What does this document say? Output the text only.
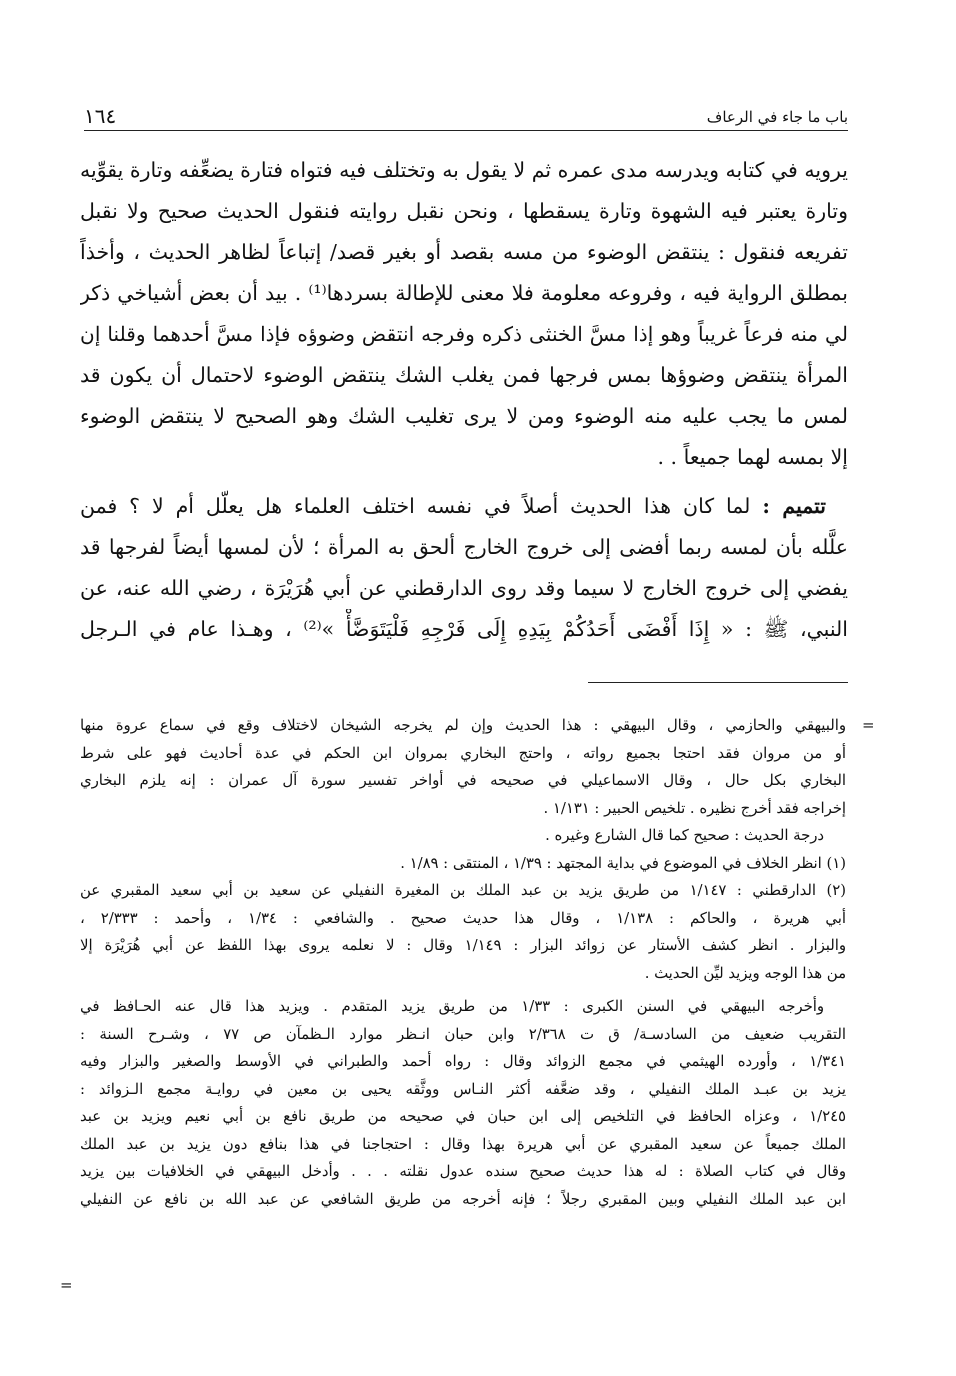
١٦٤	باب ما جاء في الرعاف
يرويه في كتابه ويدرسه مدى عمره ثم لا يقول به وتختلف فيه فتواه فتارة يضعِّفه وتارة يقوِّيه
وتارة يعتبر فيه الشهوة وتارة يسقطها ، ونحن نقبل روايته فنقول الحديث صحيح ولا نقبل
تفريعه فنقول : ينتقض الوضوء من مسه بقصد أو بغير قصد/ إتباعاً لظاهر الحديث ، وأخذاً
بمطلق الرواية فيه ، وفروعه معلومة فلا معنى للإطالة بسردها⁽¹⁾ . بيد أن بعض أشياخي ذكر
لي منه فرعاً غريباً وهو إذا مسَّ الخنثى ذكره وفرجه انتقض وضوؤه فإذا مسَّ أحدهما وقلنا إن
المرأة ينتقض وضوؤها بمس فرجها فمن يغلب الشك ينتقض الوضوء لاحتمال أن يكون قد
لمس ما يجب عليه منه الوضوء ومن لا يرى تغليب الشك وهو الصحيح لا ينتقض الوضوء
إلا بمسه لهما جميعاً . .
تتميم : لما كان هذا الحديث أصلاً في نفسه اختلف العلماء هل يعلّل أم لا ؟ فمن
علَّله بأن لمسه ربما أفضى إلى خروج الخارج ألحق به المرأة ؛ لأن لمسها أيضاً لفرجها قد
يفضي إلى خروج الخارج لا سيما وقد روى الدارقطني عن أبي هُرَيْرَة ، رضي الله عنه، عن
النبي، ﷺ : « إِذَا أَفْضَى أَحَدُكُمْ بِيَدِهِ إِلَى فَرْجِهِ فَلْيَتَوَضَّأْ »⁽²⁾ ، وهـذا عام في الـرجل
=
والبيهقي والحازمي ، وقال البيهقي : هذا الحديث وإن لم يخرجه الشيخان لاختلاف وقع في سماع عروة منها
أو من مروان فقد احتجا بجميع رواته ، واحتج البخاري بمروان ابن الحكم في عدة أحاديث فهو على شرط
البخاري بكل حال ، وقال الاسماعيلي في صحيحه في أواخر تفسير سورة آل عمران : إنه يلزم البخاري
إخراجه فقد أخرج نظيره . تلخيص الحبير : ١/١٣١ .
درجة الحديث : صحيح كما قال الشارع وغيره .
(١) انظر الخلاف في الموضوع في بداية المجتهد : ١/٣٩ ، المنتقى : ١/٨٩ .
(٢) الدارقطني : ١/١٤٧ من طريق يزيد بن عبد الملك بن المغيرة النفيلي عن سعيد بن أبي سعيد المقبري عن
أبي هريرة ، والحاكم : ١/١٣٨ ، وقال هذا حديث صحيح . والشافعي : ١/٣٤ ، وأحمد : ٢/٣٣٣ ،
والبزار . انظر كشف الأستار عن زوائد البزار : ١/١٤٩ وقال : لا نعلمه يروى بهذا اللفظ عن أبي هُرَيْرَة إلا
من هذا الوجه ويزيد ليِّن الحديث .
وأخرجه البيهقي في السنن الكبرى : ١/٣٣ من طريق يزيد المتقدم . ويزيد هذا قال عنه الحـافظ في
التقريب ضعيف من السادسـة/ ق ت ٢/٣٦٨ وابن حبان انـظر موارد الـظمآن ص ٧٧ ، وشـرح السنة :
١/٣٤١ ، وأورده الهيثمي في مجمع الزوائد وقال : رواه أحمد والطبراني في الأوسط والصغير والبزار وفيه
يزيد بن عبـد الملك النفيلي ، وقد ضعَّفه أكثر النـاس ووثَّقه يحيى بن معين في روايـة مجمع الـزوائد :
١/٢٤٥ ، وعزاه الحافظ في التلخيص إلى ابن حبان في صحيحه من طريق نافع بن أبي نعيم ويزيد بن عبد
الملك جميعاً عن سعيد المقبري عن أبي هريرة بهذا وقال : احتجاجنا في هذا بنافع دون يزيد بن عبد الملك
وقال في كتاب الصلاة : له هذا حديث صحيح سنده عدول نقلته . . . وأدخل البيهقي في الخلافيات بين يزيد
ابن عبد الملك النفيلي وبين المقبري رجلاً ؛ فإنه أخرجه من طريق الشافعي عن عبد الله بن نافع عن النفيلي
=
